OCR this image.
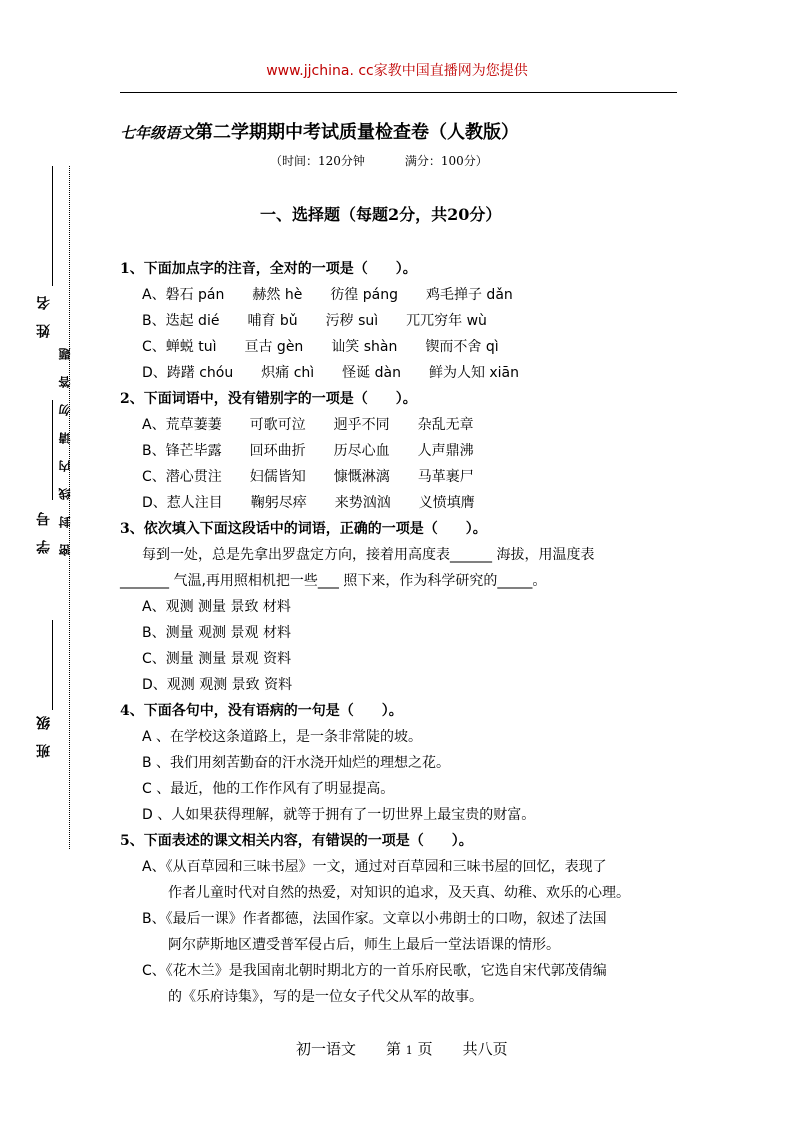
www.jjchina. cc家教中国直播网为您提供
七年级语文第二学期期中考试质量检查卷（人教版）
（时间：120分钟	满分：100分）
一、选择题（每题2分，共20分）
1、下面加点字的注音，全对的一项是（　　）。
A、磐石 pán　　赫然 hè　　彷徨 páng　　鸡毛掸子 dǎn
B、迭起 dié　　哺育 bǔ　　污秽 suì　　兀兀穷年 wù
C、蝉蜕 tuì　　亘古 gèn　　讪笑 shàn　　锲而不舍 qì
D、踌躇 chóu　　炽痛 chì　　怪诞 dàn　　鲜为人知 xiān
2、下面词语中，没有错别字的一项是（　　）。
A、荒草萋萋　　可歌可泣　　迥乎不同　　杂乱无章
B、锋芒毕露　　回环曲折　　历尽心血　　人声鼎沸
C、潜心贯注　　妇儒皆知　　慷慨淋漓　　马革裹尸
D、惹人注目　　鞠躬尽瘁　　来势汹汹　　义愤填膺
3、依次填入下面这段话中的词语，正确的一项是（　　）。
每到一处，总是先拿出罗盘定方向，接着用高度表______ 海拔，用温度表
_______ 气温,再用照相机把一些___ 照下来，作为科学研究的_____。
A、观测 测量 景致 材料
B、测量 观测 景观 材料
C、测量 测量 景观 资料
D、观测 观测 景致 资料
4、下面各句中，没有语病的一句是（　　）。
A 、在学校这条道路上，是一条非常陡的坡。
B 、我们用刻苦勤奋的汗水浇开灿烂的理想之花。
C 、最近，他的工作作风有了明显提高。
D 、人如果获得理解，就等于拥有了一切世界上最宝贵的财富。
5、下面表述的课文相关内容，有错误的一项是（　　）。
A、《从百草园和三味书屋》一文，通过对百草园和三味书屋的回忆，表现了
作者儿童时代对自然的热爱，对知识的追求，及天真、幼稚、欢乐的心理。
B、《最后一课》作者都德，法国作家。文章以小弗朗士的口吻，叙述了法国
阿尔萨斯地区遭受普军侵占后，师生上最后一堂法语课的情形。
C、《花木兰》是我国南北朝时期北方的一首乐府民歌，它选自宋代郭茂倩编
的《乐府诗集》，写的是一位女子代父从军的故事。
初一语文　　第 1 页　　共八页
姓　名
学　号
班　级
密　封　线　内　请　勿　答　题
